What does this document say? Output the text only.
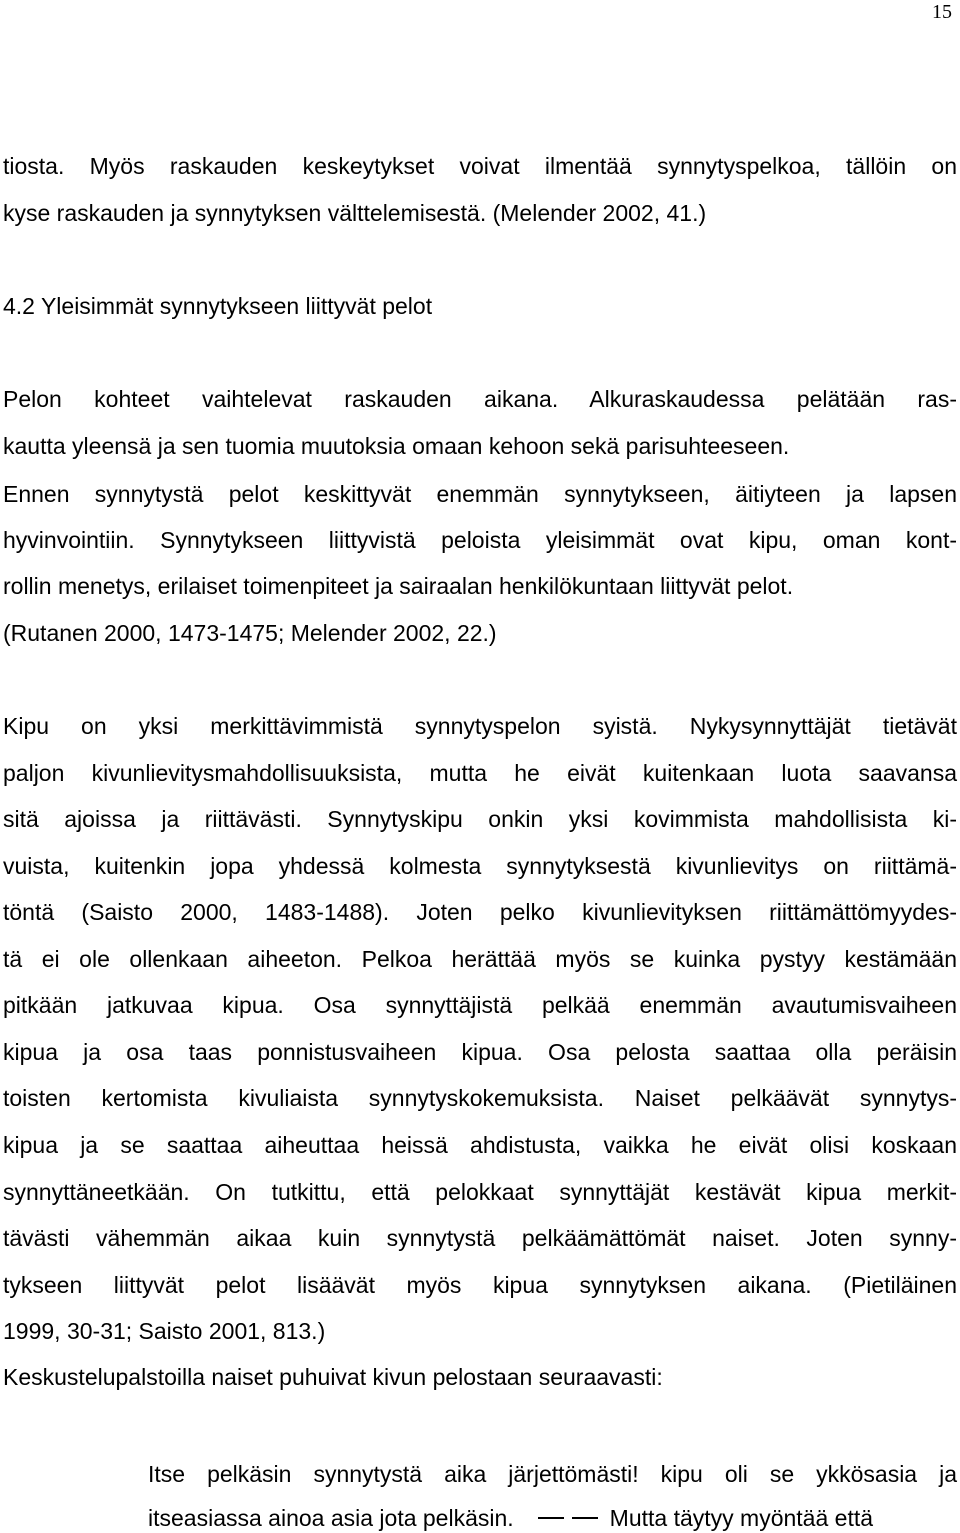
15
tiosta. Myös raskauden keskeytykset voivat ilmentää synnytyspelkoa, tällöin on
kyse raskauden ja synnytyksen välttelemisestä. (Melender 2002, 41.)
4.2 Yleisimmät synnytykseen liittyvät pelot
Pelon kohteet vaihtelevat raskauden aikana. Alkuraskaudessa pelätään ras-
kautta yleensä ja sen tuomia muutoksia omaan kehoon sekä parisuhteeseen.
Ennen synnytystä pelot keskittyvät enemmän synnytykseen, äitiyteen ja lapsen
hyvinvointiin. Synnytykseen liittyvistä peloista yleisimmät ovat kipu, oman kont-
rollin menetys, erilaiset toimenpiteet ja sairaalan henkilökuntaan liittyvät pelot.
(Rutanen 2000, 1473-1475; Melender 2002, 22.)
Kipu on yksi merkittävimmistä synnytyspelon syistä. Nykysynnyttäjät tietävät
paljon kivunlievitysmahdollisuuksista, mutta he eivät kuitenkaan luota saavansa
sitä ajoissa ja riittävästi. Synnytyskipu onkin yksi kovimmista mahdollisista ki-
vuista, kuitenkin jopa yhdessä kolmesta synnytyksestä kivunlievitys on riittämä-
töntä (Saisto 2000, 1483-1488). Joten pelko kivunlievityksen riittämättömyydes-
tä ei ole ollenkaan aiheeton. Pelkoa herättää myös se kuinka pystyy kestämään
pitkään jatkuvaa kipua. Osa synnyttäjistä pelkää enemmän avautumisvaiheen
kipua ja osa taas ponnistusvaiheen kipua. Osa pelosta saattaa olla peräisin
toisten kertomista kivuliaista synnytyskokemuksista. Naiset pelkäävät synnytys-
kipua ja se saattaa aiheuttaa heissä ahdistusta, vaikka he eivät olisi koskaan
synnyttäneetkään. On tutkittu, että pelokkaat synnyttäjät kestävät kipua merkit-
tävästi vähemmän aikaa kuin synnytystä pelkäämättömät naiset. Joten synny-
tykseen liittyvät pelot lisäävät myös kipua synnytyksen aikana. (Pietiläinen
1999, 30-31; Saisto 2001, 813.)
Keskustelupalstoilla naiset puhuivat kivun pelostaan seuraavasti:
Itse pelkäsin synnytystä aika järjettömästi! kipu oli se ykkösasia ja
itseasiassa ainoa asia jota pelkäsin.	Mutta täytyy myöntää että
